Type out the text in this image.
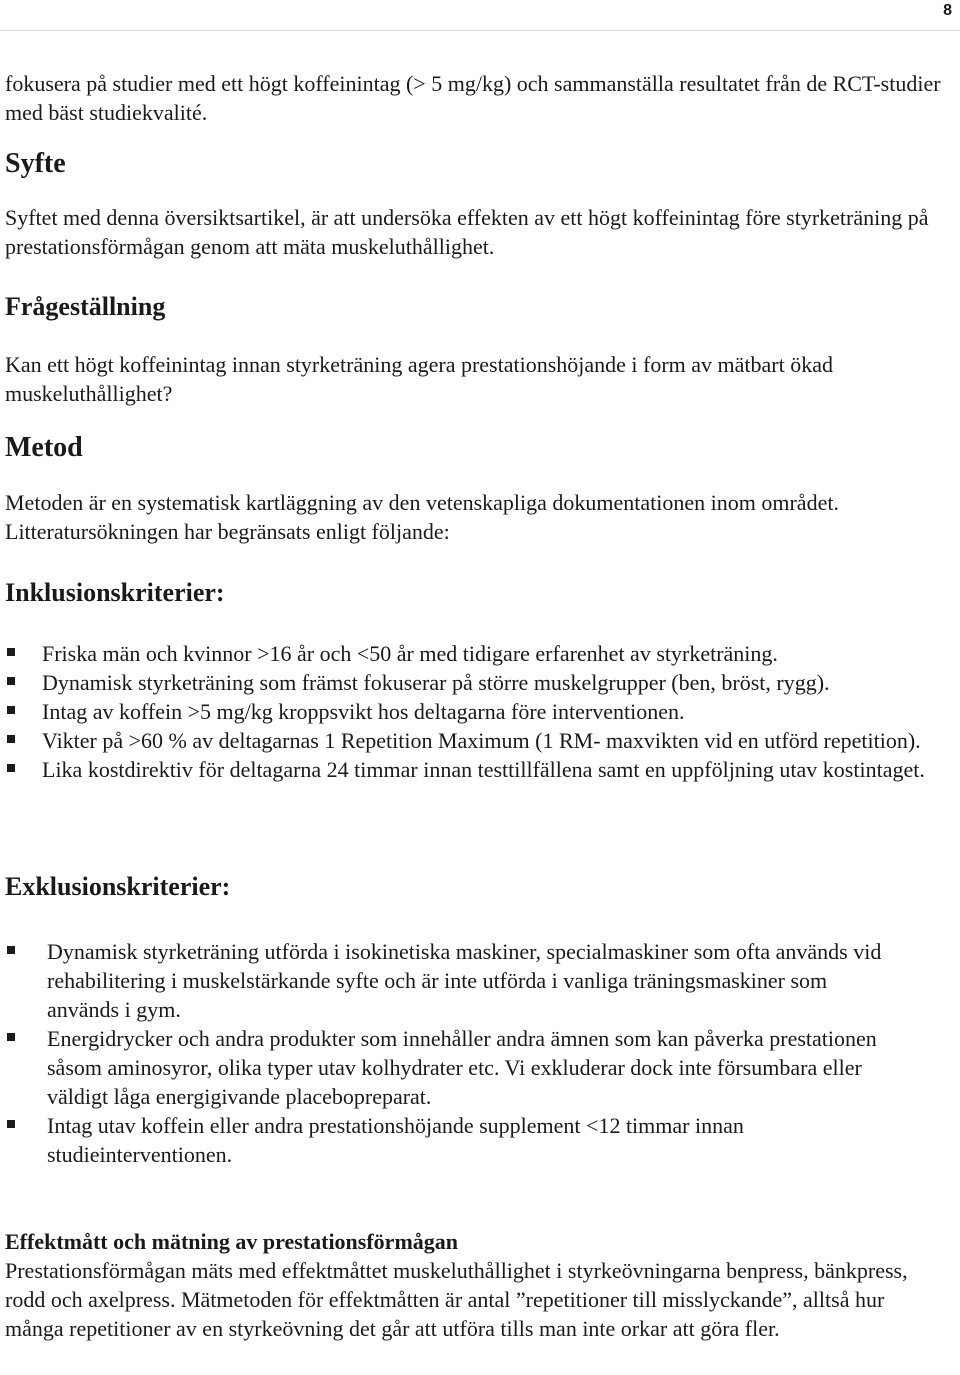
8

fokusera på studier med ett högt koffeinintag (> 5 mg/kg) och sammanställa resultatet från de RCT-studier med bäst studiekvalité.

Syfte

Syftet med denna översiktsartikel, är att undersöka effekten av ett högt koffeinintag före styrketräning på prestationsförmågan genom att mäta muskeluthållighet.

Frågeställning

Kan ett högt koffeinintag innan styrketräning agera prestationshöjande i form av mätbart ökad muskeluthållighet?

Metod

Metoden är en systematisk kartläggning av den vetenskapliga dokumentationen inom området. Litteratursökningen har begränsats enligt följande:

Inklusionskriterier:
Friska män och kvinnor >16 år och <50 år med tidigare erfarenhet av styrketräning.
Dynamisk styrketräning som främst fokuserar på större muskelgrupper (ben, bröst, rygg).
Intag av koffein >5 mg/kg kroppsvikt hos deltagarna före interventionen.
Vikter på >60 % av deltagarnas 1 Repetition Maximum (1 RM- maxvikten vid en utförd repetition).
Lika kostdirektiv för deltagarna 24 timmar innan testtillfällena samt en uppföljning utav kostintaget.
Exklusionskriterier:
Dynamisk styrketräning utförda i isokinetiska maskiner, specialmaskiner som ofta används vid rehabilitering i muskelstärkande syfte och är inte utförda i vanliga träningsmaskiner som används i gym.
Energidrycker och andra produkter som innehåller andra ämnen som kan påverka prestationen såsom aminosyror, olika typer utav kolhydrater etc. Vi exkluderar dock inte försumbara eller väldigt låga energigivande placebopreparat.
Intag utav koffein eller andra prestationshöjande supplement <12 timmar innan studieinterventionen.
Effektmått och mätning av prestationsförmågan

Prestationsförmågan mäts med effektmåttet muskeluthållighet i styrkeövningarna benpress, bänkpress, rodd och axelpress. Mätmetoden för effektmåtten är antal ”repetitioner till misslyckande”, alltså hur många repetitioner av en styrkeövning det går att utföra tills man inte orkar att göra fler.
